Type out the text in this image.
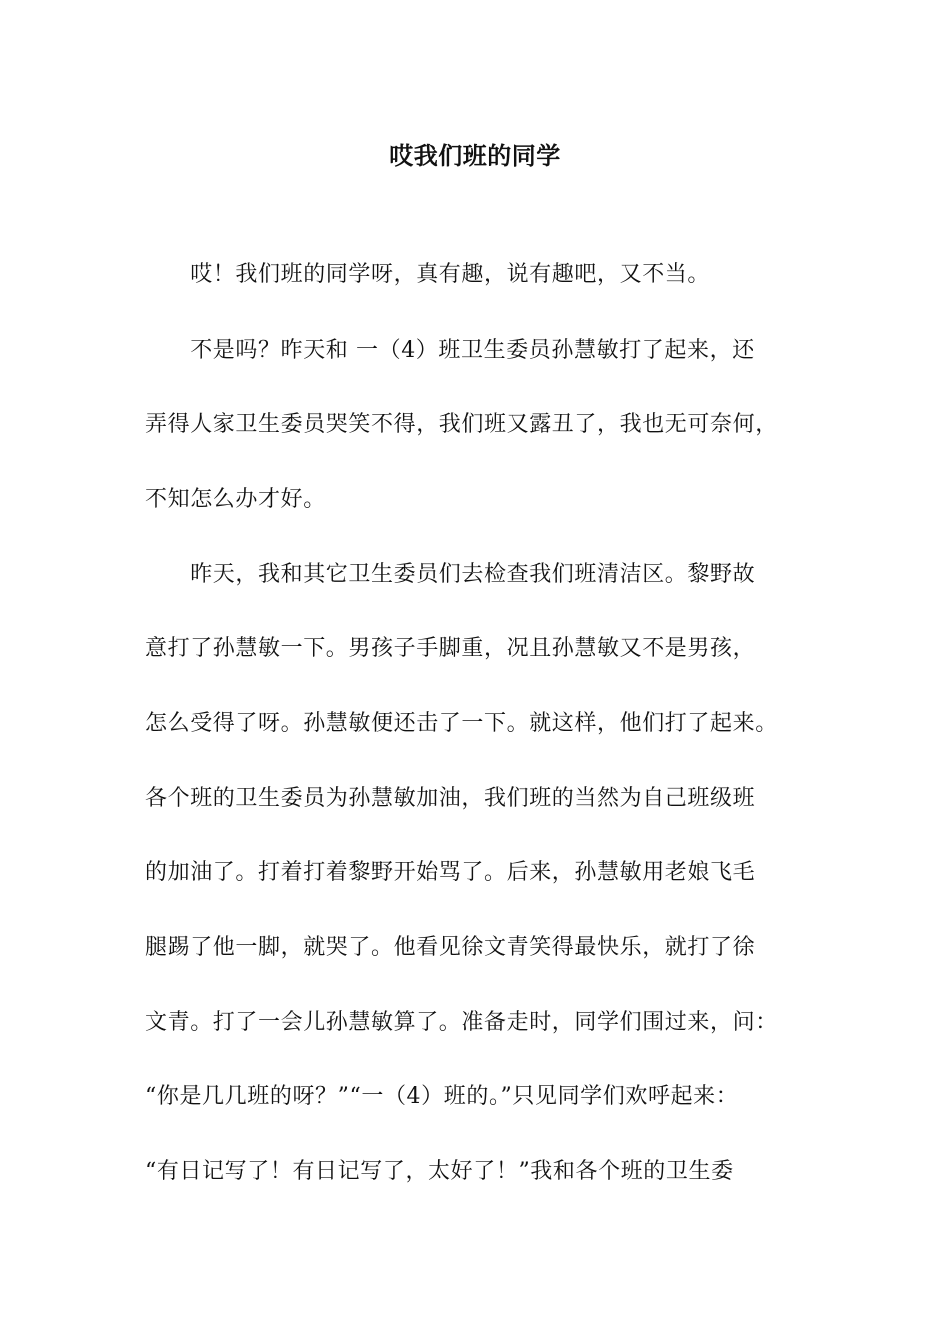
哎我们班的同学
　　哎！我们班的同学呀，真有趣，说有趣吧，又不当。
　　不是吗？昨天和 一（4）班卫生委员孙慧敏打了起来，还
弄得人家卫生委员哭笑不得，我们班又露丑了，我也无可奈何，
不知怎么办才好。
　　昨天，我和其它卫生委员们去检查我们班清洁区。黎野故
意打了孙慧敏一下。男孩子手脚重，况且孙慧敏又不是男孩，
怎么受得了呀。孙慧敏便还击了一下。就这样，他们打了起来。
各个班的卫生委员为孙慧敏加油，我们班的当然为自己班级班
的加油了。打着打着黎野开始骂了。后来，孙慧敏用老娘飞毛
腿踢了他一脚，就哭了。他看见徐文青笑得最快乐，就打了徐
文青。打了一会儿孙慧敏算了。准备走时，同学们围过来，问：
“你是几几班的呀？”“一（4）班的。”只见同学们欢呼起来：
“有日记写了！有日记写了，太好了！”我和各个班的卫生委
